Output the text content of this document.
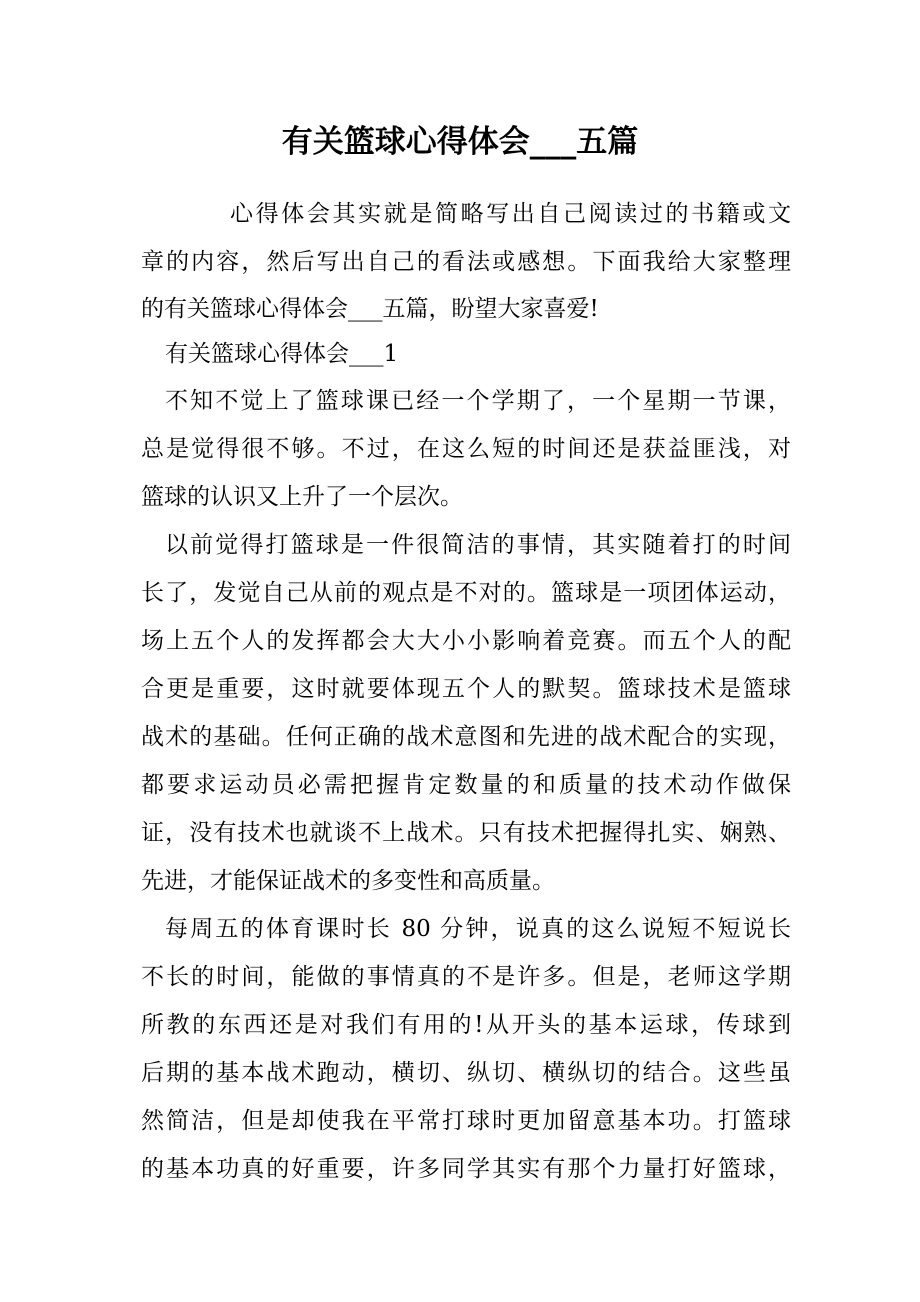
有关篮球心得体会___五篇
心得体会其实就是简略写出自己阅读过的书籍或文
章的内容，然后写出自己的看法或感想。下面我给大家整理
的有关篮球心得体会___五篇，盼望大家喜爱!
有关篮球心得体会___1
不知不觉上了篮球课已经一个学期了，一个星期一节课，
总是觉得很不够。不过，在这么短的时间还是获益匪浅，对
篮球的认识又上升了一个层次。
以前觉得打篮球是一件很简洁的事情，其实随着打的时间
长了，发觉自己从前的观点是不对的。篮球是一项团体运动，
场上五个人的发挥都会大大小小影响着竞赛。而五个人的配
合更是重要，这时就要体现五个人的默契。篮球技术是篮球
战术的基础。任何正确的战术意图和先进的战术配合的实现，
都要求运动员必需把握肯定数量的和质量的技术动作做保
证，没有技术也就谈不上战术。只有技术把握得扎实、娴熟、
先进，才能保证战术的多变性和高质量。
每周五的体育课时长 80 分钟，说真的这么说短不短说长
不长的时间，能做的事情真的不是许多。但是，老师这学期
所教的东西还是对我们有用的!从开头的基本运球，传球到
后期的基本战术跑动，横切、纵切、横纵切的结合。这些虽
然简洁，但是却使我在平常打球时更加留意基本功。打篮球
的基本功真的好重要，许多同学其实有那个力量打好篮球，
